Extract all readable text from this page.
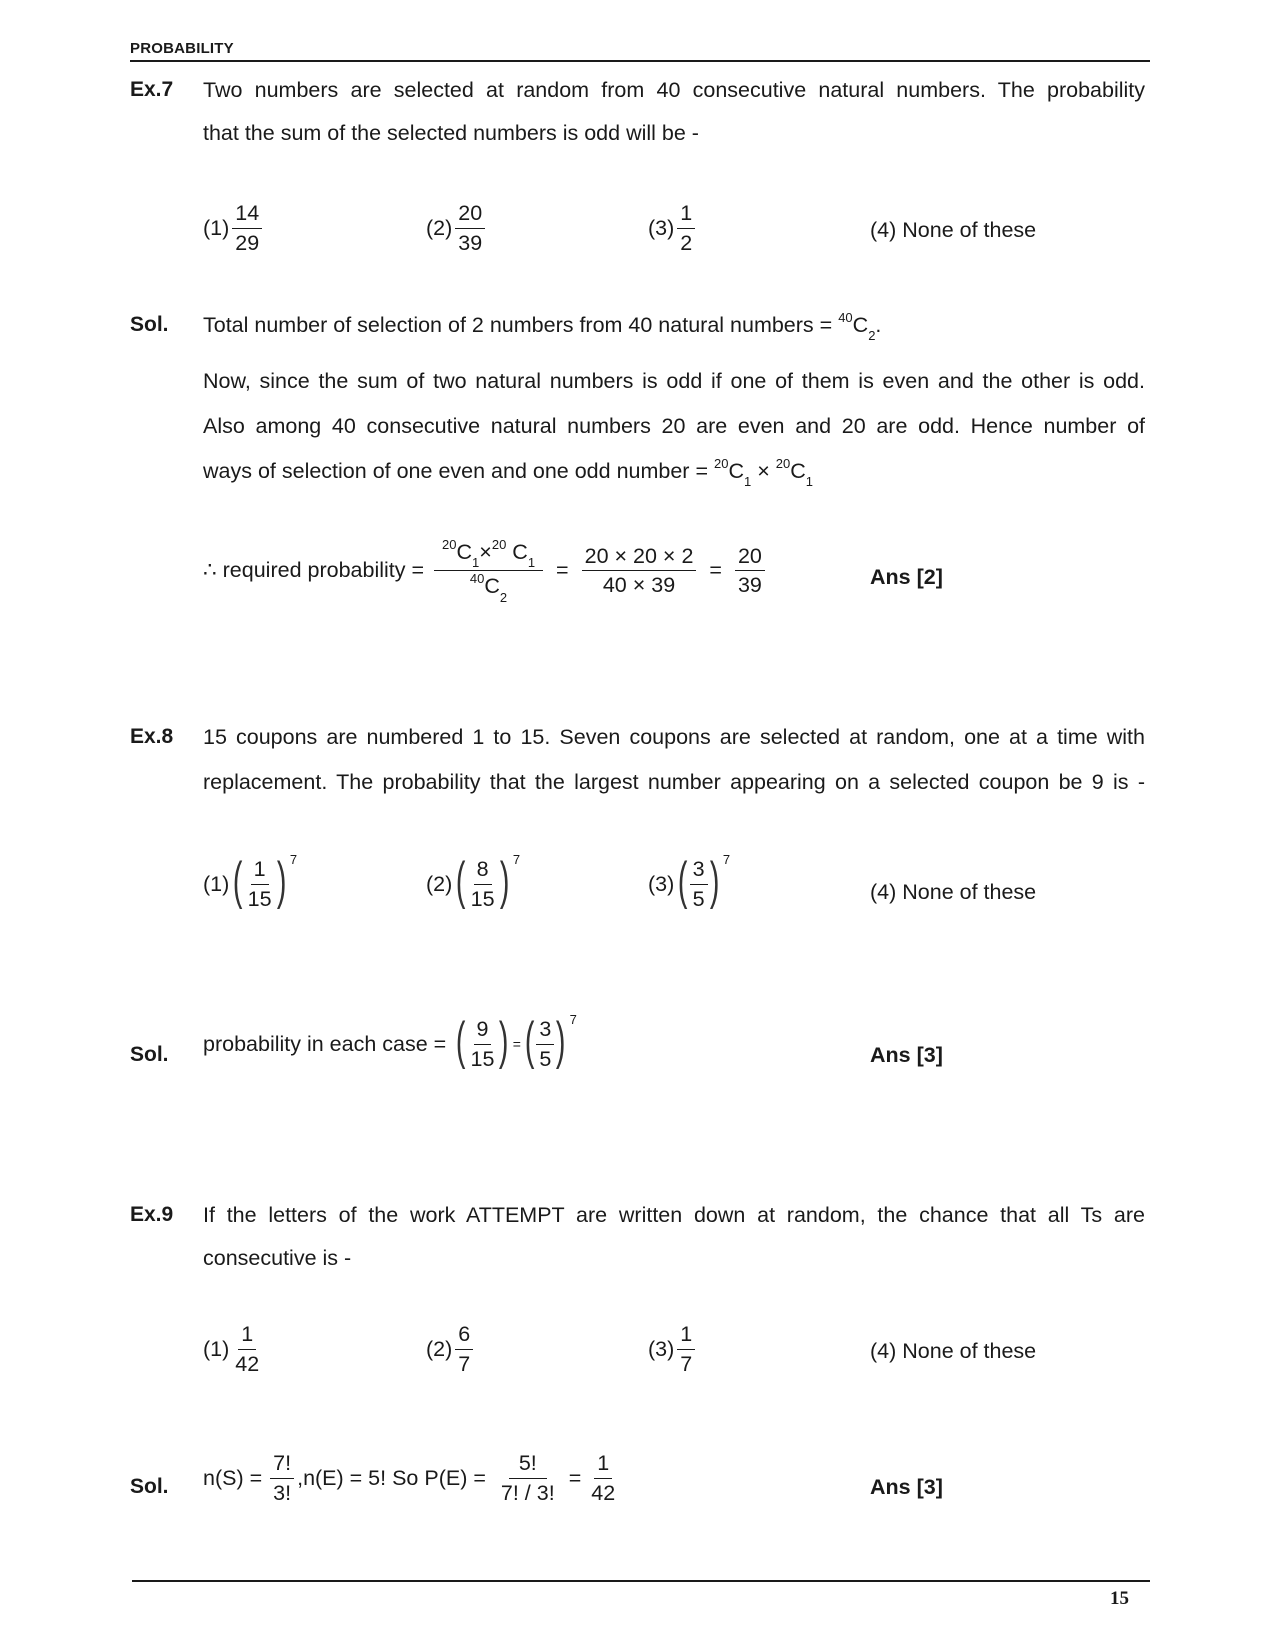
PROBABILITY
Ex.7 Two numbers are selected at random from 40 consecutive natural numbers. The probability
that the sum of the selected numbers is odd will be -
$(1) \frac{14}{29}$	$(2) \frac{20}{39}$	$(3) \frac{1}{2}$	(4) None of these
Sol. Total number of selection of 2 numbers from 40 natural numbers = $^{40}C_2$.
Now, since the sum of two natural numbers is odd if one of them is even and the other is odd.
Also among 40 consecutive natural numbers 20 are even and 20 are odd. Hence number of
ways of selection of one even and one odd number = $^{20}C_1 \times ^{20}C_1$
∴ required probability = $\frac{^{20}C_1\times^{20} C_1}{^{40}C_2} = \frac{20 \times 20 \times 2}{40 \times 39} = \frac{20}{39}$	Ans [2]
Ex.8 15 coupons are numbered 1 to 15. Seven coupons are selected at random, one at a time with
replacement. The probability that the largest number appearing on a selected coupon be 9 is -
(1) ( $\frac{1}{15}$ ) 7
(2) ( $\frac{8}{15}$ ) 7
(3) ( $\frac{3}{5}$ ) 7
(4) None of these
Sol. probability in each case = ( $\frac{9}{15}$ ) = ( $\frac{3}{5}$ ) 7
Ans [3]
Ex.9 If the letters of the work ATTEMPT are written down at random, the chance that all Ts are
consecutive is -
$(1) \frac{1}{42}$	$(2) \frac{6}{7}$	$(3) \frac{1}{7}$	(4) None of these
Sol. $n(S) = \frac{7!}{3!} ,n(E) = 5$! So $P(E) = \frac{5!}{7! / 3!} = \frac{1}{42}$	Ans [3]
15
